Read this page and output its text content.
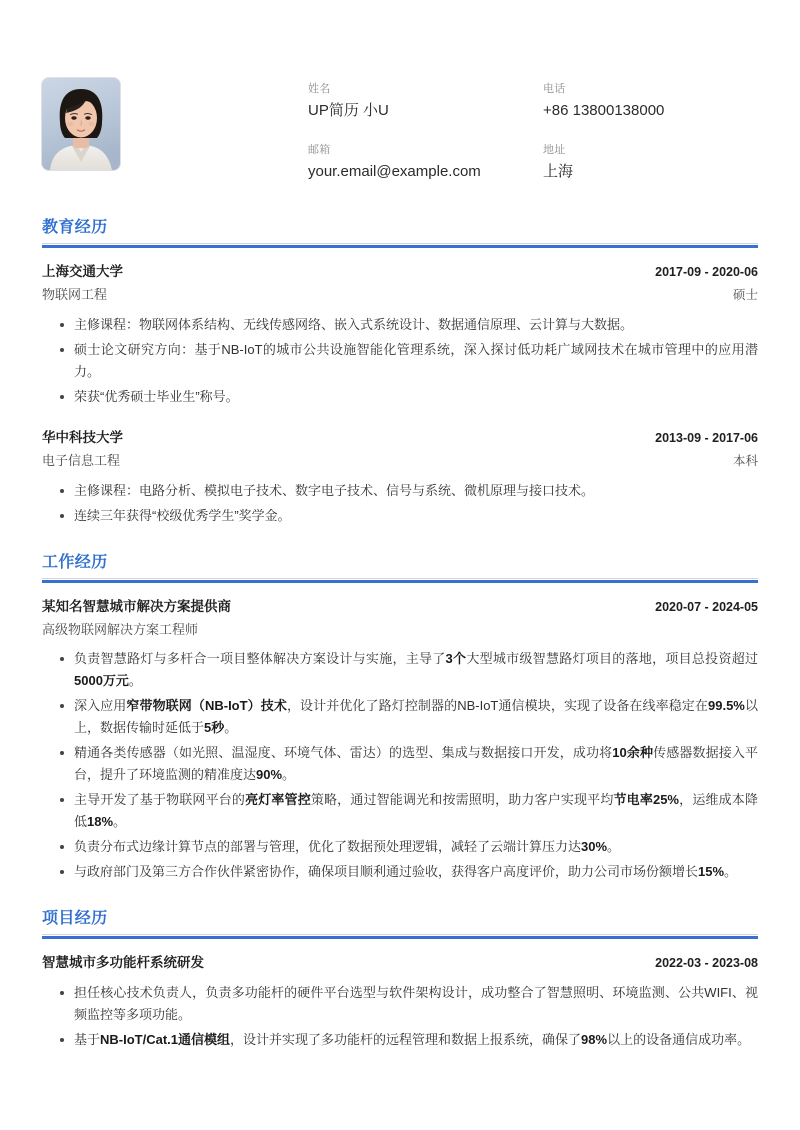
姓名
UP简历 小U
电话
+86 13800138000
邮箱
your.email@example.com
地址
上海
教育经历
上海交通大学	2017-09 - 2020-06
物联网工程	硕士
主修课程：物联网体系结构、无线传感网络、嵌入式系统设计、数据通信原理、云计算与大数据。
硕士论文研究方向：基于NB-IoT的城市公共设施智能化管理系统，深入探讨低功耗广域网技术在城市管理中的应用潜力。
荣获“优秀硕士毕业生”称号。
华中科技大学	2013-09 - 2017-06
电子信息工程	本科
主修课程：电路分析、模拟电子技术、数字电子技术、信号与系统、微机原理与接口技术。
连续三年获得“校级优秀学生”奖学金。
工作经历
某知名智慧城市解决方案提供商	2020-07 - 2024-05
高级物联网解决方案工程师
负责智慧路灯与多杆合一项目整体解决方案设计与实施，主导了3个大型城市级智慧路灯项目的落地，项目总投资超过5000万元。
深入应用窄带物联网（NB-IoT）技术，设计并优化了路灯控制器的NB-IoT通信模块，实现了设备在线率稳定在99.5%以上，数据传输时延低于5秒。
精通各类传感器（如光照、温湿度、环境气体、雷达）的选型、集成与数据接口开发，成功将10余种传感器数据接入平台，提升了环境监测的精准度达90%。
主导开发了基于物联网平台的亮灯率管控策略，通过智能调光和按需照明，助力客户实现平均节电率25%，运维成本降低18%。
负责分布式边缘计算节点的部署与管理，优化了数据预处理逻辑，减轻了云端计算压力达30%。
与政府部门及第三方合作伙伴紧密协作，确保项目顺利通过验收，获得客户高度评价，助力公司市场份额增长15%。
项目经历
智慧城市多功能杆系统研发	2022-03 - 2023-08
担任核心技术负责人，负责多功能杆的硬件平台选型与软件架构设计，成功整合了智慧照明、环境监测、公共WIFI、视频监控等多项功能。
基于NB-IoT/Cat.1通信模组，设计并实现了多功能杆的远程管理和数据上报系统，确保了98%以上的设备通信成功率。
